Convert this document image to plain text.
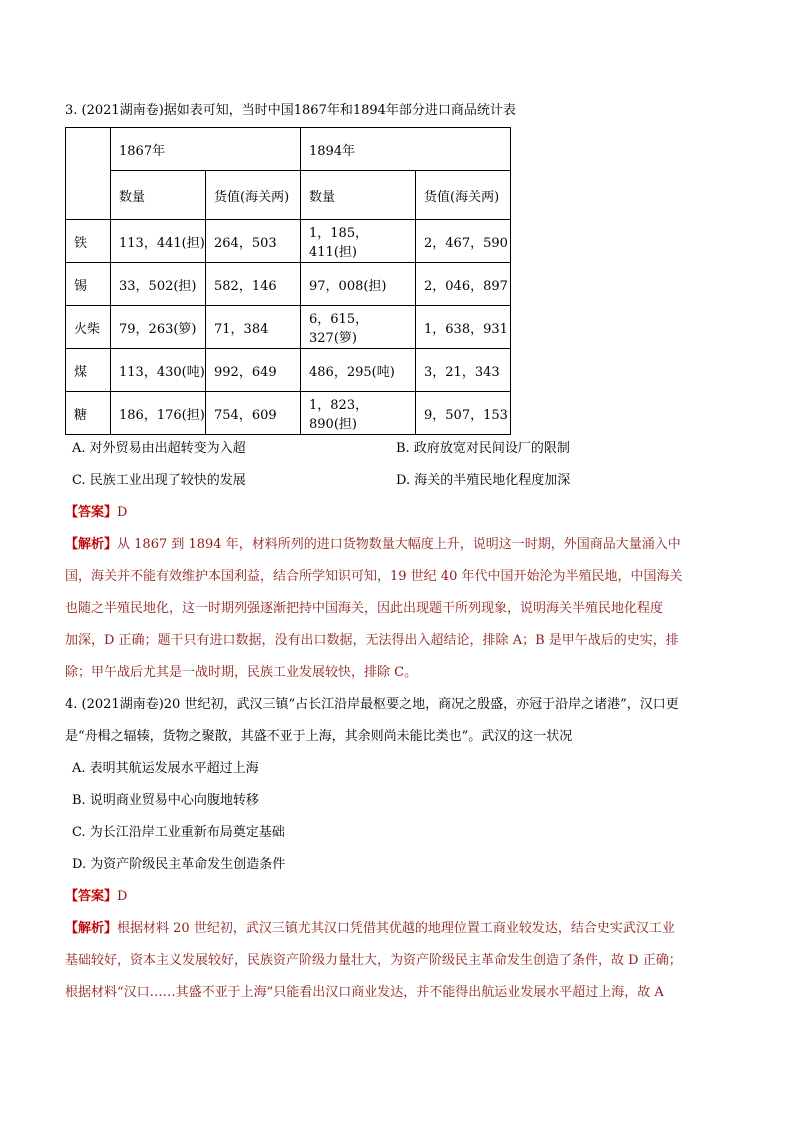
3. (2021湖南卷)据如表可知，当时中国1867年和1894年部分进口商品统计表
	1867年		1894年	
	数量	货值(海关两)	数量	货值(海关两)
铁	113，441(担)	264，503	1，185，411(担)	2，467，590
锡	33，502(担)	582，146	97，008(担)	2，046，897
火柴	79，263(箩)	71，384	6，615，327(箩)	1，638，931
煤	113，430(吨)	992，649	486，295(吨)	3，21，343
糖	186，176(担)	754，609	1，823，890(担)	9，507，153
A. 对外贸易由出超转变为入超	B. 政府放宽对民间设厂的限制
C. 民族工业出现了较快的发展	D. 海关的半殖民地化程度加深
【答案】D
【解析】从 1867 到 1894 年，材料所列的进口货物数量大幅度上升，说明这一时期，外国商品大量涌入中
国，海关并不能有效维护本国利益，结合所学知识可知，19 世纪 40 年代中国开始沦为半殖民地，中国海关
也随之半殖民地化，这一时期列强逐渐把持中国海关，因此出现题干所列现象，说明海关半殖民地化程度
加深，D 正确；题干只有进口数据，没有出口数据，无法得出入超结论，排除 A；B 是甲午战后的史实，排
除；甲午战后尤其是一战时期，民族工业发展较快，排除 C。
4. (2021湖南卷)20 世纪初，武汉三镇“占长江沿岸最枢要之地，商况之殷盛，亦冠于沿岸之诸港”，汉口更
是“舟楫之辐辏，货物之聚散，其盛不亚于上海，其余则尚未能比类也”。武汉的这一状况
A. 表明其航运发展水平超过上海
B. 说明商业贸易中心向腹地转移
C. 为长江沿岸工业重新布局奠定基础
D. 为资产阶级民主革命发生创造条件
【答案】D
【解析】根据材料 20 世纪初，武汉三镇尤其汉口凭借其优越的地理位置工商业较发达，结合史实武汉工业
基础较好，资本主义发展较好，民族资产阶级力量壮大，为资产阶级民主革命发生创造了条件，故 D 正确；
根据材料“汉口……其盛不亚于上海”只能看出汉口商业发达，并不能得出航运业发展水平超过上海，故 A
